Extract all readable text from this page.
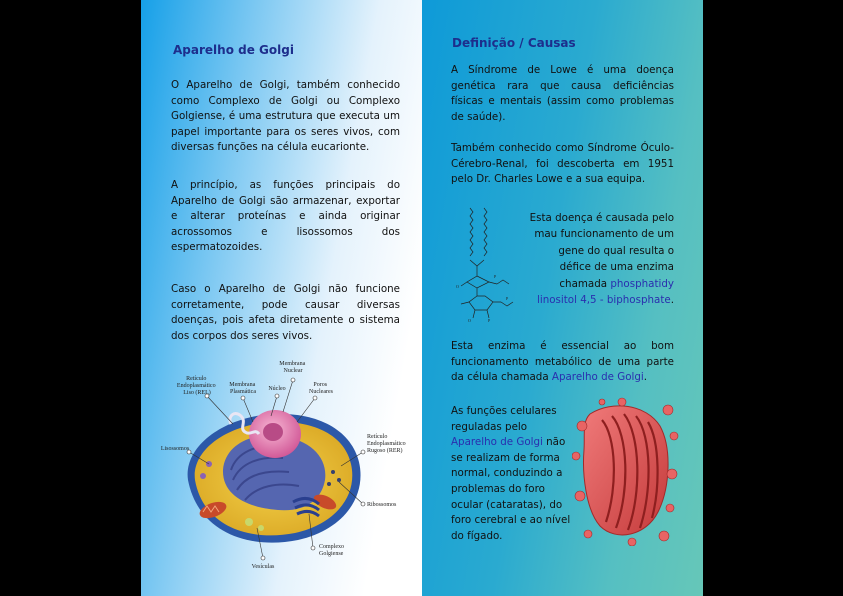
Aparelho de Golgi

O Aparelho de Golgi, também conhecido como Complexo de Golgi ou Complexo Golgiense, é uma estrutura que executa um papel importante para os seres vivos, com diversas funções na célula eucarionte.

A princípio, as funções principais do Aparelho de Golgi são armazenar, exportar e alterar proteínas e ainda originar acrossomos e lisossomos dos espermatozoides.

Caso o Aparelho de Golgi não funcione corretamente, pode causar diversas doenças, pois afeta diretamente o sistema dos corpos dos seres vivos.

Membrana Nuclear
Retículo Endoplasmático Liso (REL)
Membrana Plasmática Núcleo
Poros Nucleares
Lisossomos
Retículo Endoplasmático Rugoso (RER)
Ribossomos
Complexo Golgiense
Vesículas
Definição / Causas

A Síndrome de Lowe é uma doença genética rara que causa deficiências físicas e mentais (assim como problemas de saúde).

Também conhecido como Síndrome Óculo-Cérebro-Renal, foi descoberta em 1951 pelo Dr. Charles Lowe e a sua equipa.

O
P
P
O	P

Esta doença é causada pelo
mau funcionamento de um
gene do qual resulta o
défice de uma enzima
chamada phosphatidy
linositol 4,5 - biphosphate.

Esta enzima é essencial ao bom funcionamento metabólico de uma parte da célula chamada Aparelho de Golgi.

As funções celulares reguladas pelo Aparelho de Golgi não se realizam de forma normal, conduzindo a problemas do foro ocular (cataratas), do foro cerebral e ao nível do fígado.
